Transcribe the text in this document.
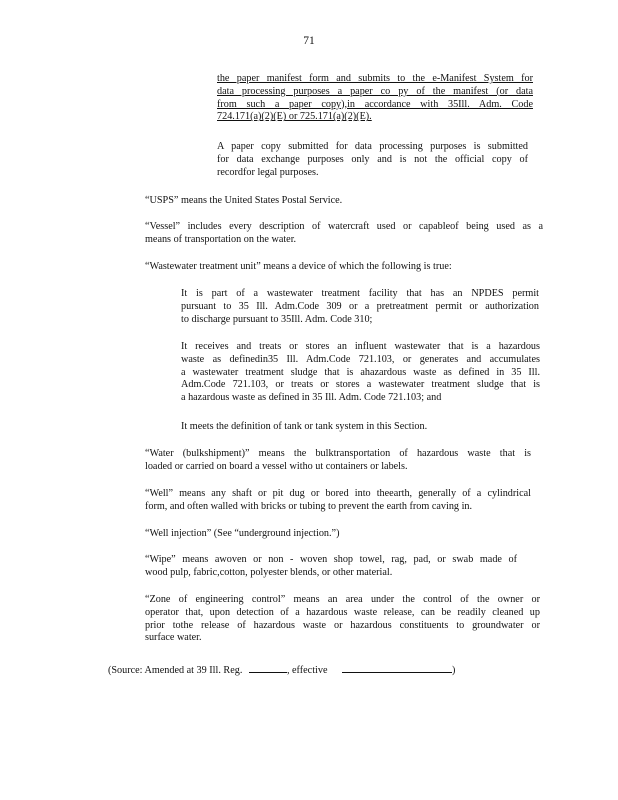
71
the paper manifest form and submits to the e-Manifest System for
data processing purposes a paper co py of the manifest (or data
from such a paper copy),in accordance with 35Ill. Adm. Code
724.171(a)(2)(E) or 725.171(a)(2)(E).
A paper copy submitted for data processing purposes is submitted
for data exchange purposes only and is not the official copy of
recordfor legal purposes.
“USPS” means the United States Postal Service.
“Vessel” includes every description of watercraft used or capableof being used as a
means of transportation on the water.
“Wastewater treatment unit” means a device of which the following is true:
It is part of a wastewater treatment facility that has an NPDES permit
pursuant to 35 Ill. Adm.Code 309 or a pretreatment permit or authorization
to discharge pursuant to 35Ill. Adm. Code 310;
It receives and treats or stores an influent wastewater that is a hazardous
waste as definedin35 Ill. Adm.Code 721.103, or generates and accumulates
a wastewater treatment sludge that is ahazardous waste as defined in 35 Ill.
Adm.Code 721.103, or treats or stores a wastewater treatment sludge that is
a hazardous waste as defined in 35 Ill. Adm. Code 721.103; and
It meets the definition of tank or tank system in this Section.
“Water (bulkshipment)” means the bulktransportation of hazardous waste that is
loaded or carried on board a vessel witho ut containers or labels.
“Well” means any shaft or pit dug or bored into theearth, generally of a cylindrical
form, and often walled with bricks or tubing to prevent the earth from caving in.
“Well injection” (See “underground injection.”)
“Wipe” means awoven or non - woven shop towel, rag, pad, or swab made of
wood pulp, fabric,cotton, polyester blends, or other material.
“Zone of engineering control” means an area under the control of the owner or
operator that, upon detection of a hazardous waste release, can be readily cleaned up
prior tothe release of hazardous waste or hazardous constituents to groundwater or
surface water.
(Source: Amended at 39 Ill. Reg.	, effective	)
